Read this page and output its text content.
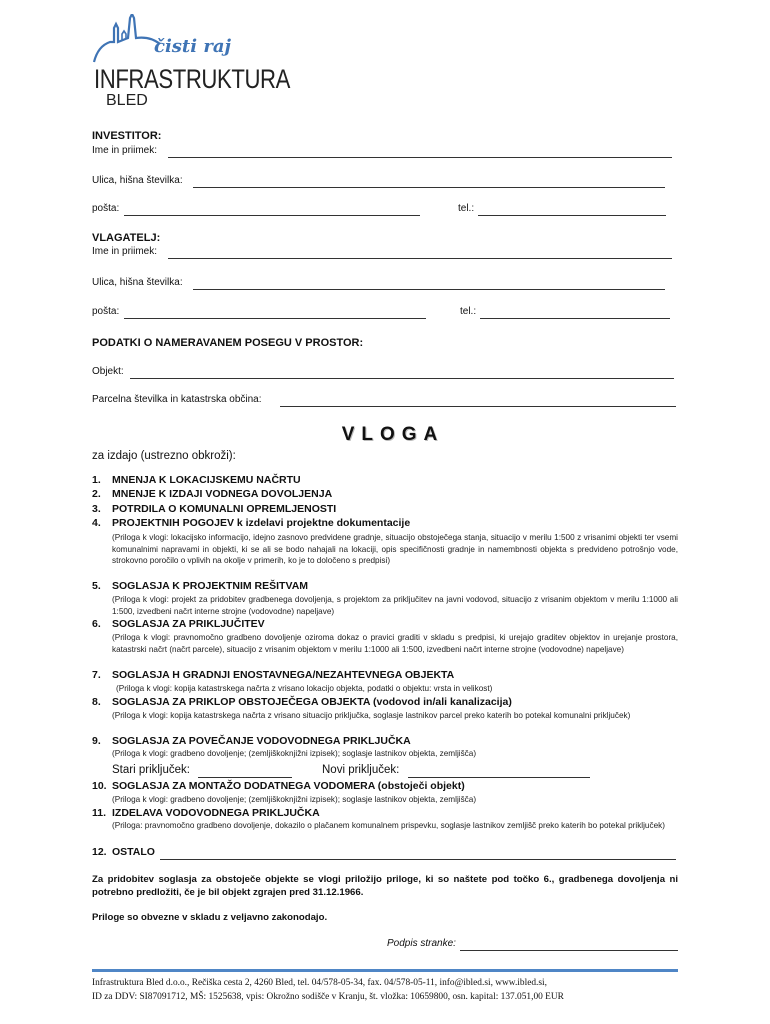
čisti raj
INFRASTRUKTURA
BLED
INVESTITOR:
Ime in priimek:
Ulica, hišna številka:
pošta:	tel.:
VLAGATELJ:
Ime in priimek:
Ulica, hišna številka:
pošta:	tel.:
PODATKI O NAMERAVANEM POSEGU V PROSTOR:
Objekt:
Parcelna številka in katastrska občina:
VLOGA
za izdajo (ustrezno obkroži):
1. MNENJA K LOKACIJSKEMU NAČRTU
2. MNENJE K IZDAJI VODNEGA DOVOLJENJA
3. POTRDILA O KOMUNALNI OPREMLJENOSTI
4. PROJEKTNIH POGOJEV k izdelavi projektne dokumentacije
(Priloga k vlogi: lokacijsko informacijo, idejno zasnovo predvidene gradnje, situacijo obstoječega stanja, situacijo v merilu 1:500 z vrisanimi objekti ter vsemi komunalnimi napravami in objekti, ki se ali se bodo nahajali na lokaciji, opis specifičnosti gradnje in namembnosti objekta s predvideno potrošnjo vode, strokovno poročilo o vplivih na okolje v primerih, ko je to določeno s predpisi)
5. SOGLASJA K PROJEKTNIM REŠITVAM
(Priloga k vlogi: projekt za pridobitev gradbenega dovoljenja, s projektom za priključitev na javni vodovod, situacijo z vrisanim objektom v merilu 1:1000 ali 1:500, izvedbeni načrt interne strojne (vodovodne) napeljave)
6. SOGLASJA ZA PRIKLJUČITEV
(Priloga k vlogi: pravnomočno gradbeno dovoljenje oziroma dokaz o pravici graditi v skladu s predpisi, ki urejajo graditev objektov in urejanje prostora, katastrski načrt (načrt parcele), situacijo z vrisanim objektom v merilu 1:1000 ali 1:500, izvedbeni načrt interne strojne (vodovodne) napeljave)
7. SOGLASJA H GRADNJI ENOSTAVNEGA/NEZAHTEVNEGA OBJEKTA
(Priloga k vlogi: kopija katastrskega načrta z vrisano lokacijo objekta, podatki o objektu: vrsta in velikost)
8. SOGLASJA ZA PRIKLOP OBSTOJEČEGA OBJEKTA (vodovod in/ali kanalizacija)
(Priloga k vlogi: kopija katastrskega načrta z vrisano situacijo priključka, soglasje lastnikov parcel preko katerih bo potekal komunalni priključek)
9. SOGLASJA ZA POVEČANJE VODOVODNEGA PRIKLJUČKA
(Priloga k vlogi: gradbeno dovoljenje; (zemljiškoknjižni izpisek); soglasje lastnikov objekta, zemljišča)
Stari priključek:	Novi priključek:
10. SOGLASJA ZA MONTAŽO DODATNEGA VODOMERA (obstoječi objekt)
(Priloga k vlogi: gradbeno dovoljenje; (zemljiškoknjižni izpisek); soglasje lastnikov objekta, zemljišča)
11. IZDELAVA VODOVODNEGA PRIKLJUČKA
(Priloga: pravnomočno gradbeno dovoljenje, dokazilo o plačanem komunalnem prispevku, soglasje lastnikov zemljišč preko katerih bo potekal priključek)
12. OSTALO
Za pridobitev soglasja za obstoječe objekte se vlogi priložijo priloge, ki so naštete pod točko 6., gradbenega dovoljenja ni potrebno predložiti, če je bil objekt zgrajen pred 31.12.1966.
Priloge so obvezne v skladu z veljavno zakonodajo.
Podpis stranke:
Infrastruktura Bled d.o.o., Rečiška cesta 2, 4260 Bled, tel. 04/578-05-34, fax. 04/578-05-11, info@ibled.si, www.ibled.si,
ID za DDV: SI87091712, MŠ: 1525638, vpis: Okrožno sodišče v Kranju, št. vložka: 10659800, osn. kapital: 137.051,00 EUR
